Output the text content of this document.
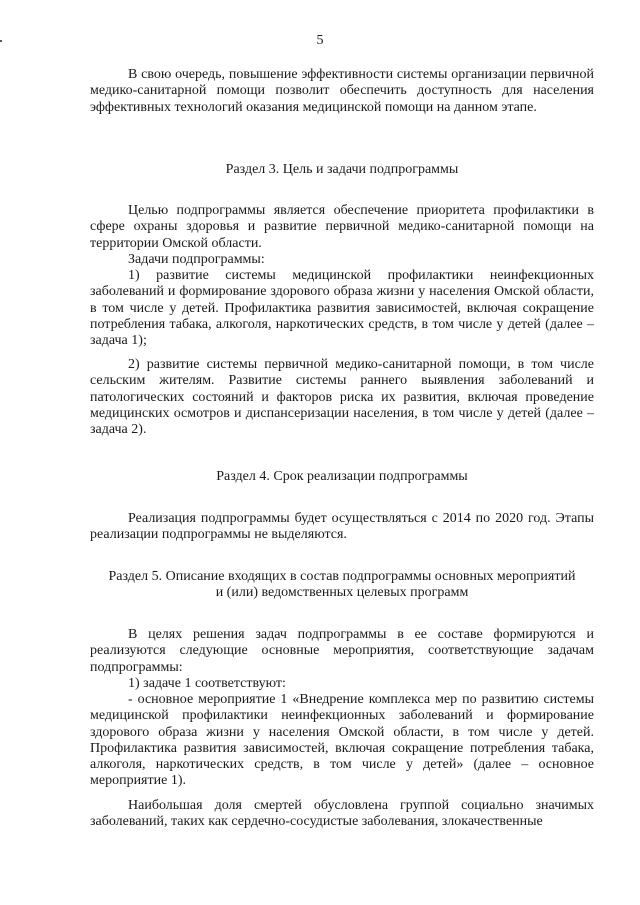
5

В свою очередь, повышение эффективности системы организации первичной медико-санитарной помощи позволит обеспечить доступность для населения эффективных технологий оказания медицинской помощи на данном этапе.

Раздел 3. Цель и задачи подпрограммы

Целью подпрограммы является обеспечение приоритета профилактики в сфере охраны здоровья и развитие первичной медико-санитарной помощи на территории Омской области.

Задачи подпрограммы:

1) развитие системы медицинской профилактики неинфекционных заболеваний и формирование здорового образа жизни у населения Омской области, в том числе у детей. Профилактика развития зависимостей, включая сокращение потребления табака, алкоголя, наркотических средств, в том числе у детей (далее – задача 1);

2) развитие системы первичной медико-санитарной помощи, в том числе сельским жителям. Развитие системы раннего выявления заболеваний и патологических состояний и факторов риска их развития, включая проведение медицинских осмотров и диспансеризации населения, в том числе у детей (далее – задача 2).

Раздел 4. Срок реализации подпрограммы

Реализация подпрограммы будет осуществляться с 2014 по 2020 год. Этапы реализации подпрограммы не выделяются.

Раздел 5. Описание входящих в состав подпрограммы основных мероприятий
и (или) ведомственных целевых программ

В целях решения задач подпрограммы в ее составе формируются и реализуются следующие основные мероприятия, соответствующие задачам подпрограммы:

1) задаче 1 соответствуют:

- основное мероприятие 1 «Внедрение комплекса мер по развитию системы медицинской профилактики неинфекционных заболеваний и формирование здорового образа жизни у населения Омской области, в том числе у детей. Профилактика развития зависимостей, включая сокращение потребления табака, алкоголя, наркотических средств, в том числе у детей» (далее – основное мероприятие 1).

Наибольшая доля смертей обусловлена группой социально значимых заболеваний, таких как сердечно-сосудистые заболевания, злокачественные
